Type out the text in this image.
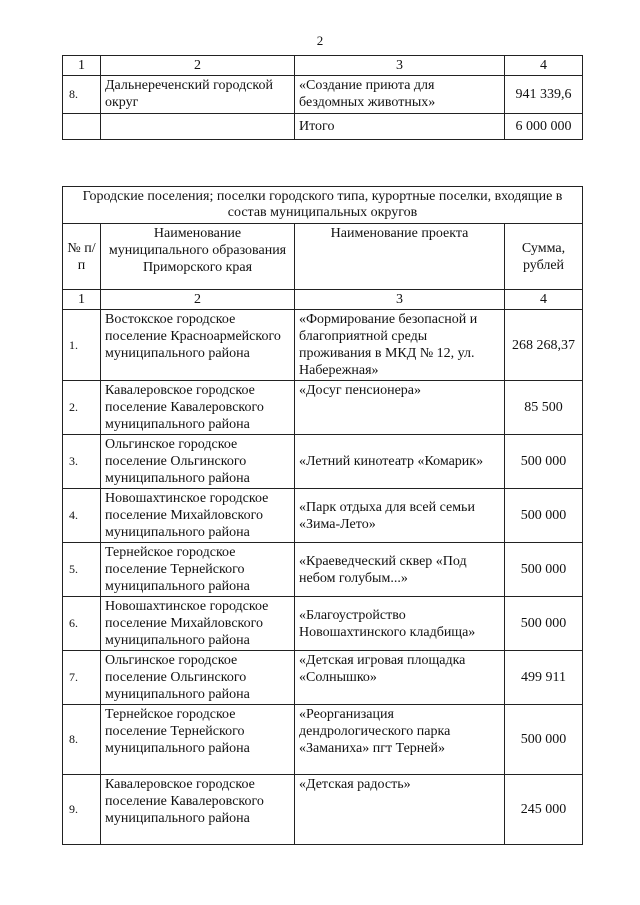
2
1	2	3	4
8.	Дальнереченский городской округ	«Создание приюта для бездомных животных»	941 339,6
		Итого	6 000 000
Городские поселения; поселки городского типа, курортные поселки, входящие в состав муниципальных округов			
№ п/п	Наименование муниципального образования Приморского края	Наименование проекта	Сумма, рублей
1	2	3	4
1.	Востокское городское поселение Красноармейского муниципального района	«Формирование безопасной и благоприятной среды проживания в МКД № 12, ул. Набережная»	268 268,37
2.	Кавалеровское городское поселение Кавалеровского муниципального района	«Досуг пенсионера»	85 500
3.	Ольгинское городское поселение Ольгинского муниципального района	«Летний кинотеатр «Комарик»	500 000
4.	Новошахтинское городское поселение Михайловского муниципального района	«Парк отдыха для всей семьи «Зима-Лето»	500 000
5.	Тернейское городское поселение Тернейского муниципального района	«Краеведческий сквер «Под небом голубым...»	500 000
6.	Новошахтинское городское поселение Михайловского муниципального района	«Благоустройство Новошахтинского кладбища»	500 000
7.	Ольгинское городское поселение Ольгинского муниципального района	«Детская игровая площадка «Солнышко»	499 911
8.	Тернейское городское поселение Тернейского муниципального района	«Реорганизация дендрологического парка «Заманиха» пгт Терней»	500 000
9.	Кавалеровское городское поселение Кавалеровского муниципального района	«Детская радость»	245 000
